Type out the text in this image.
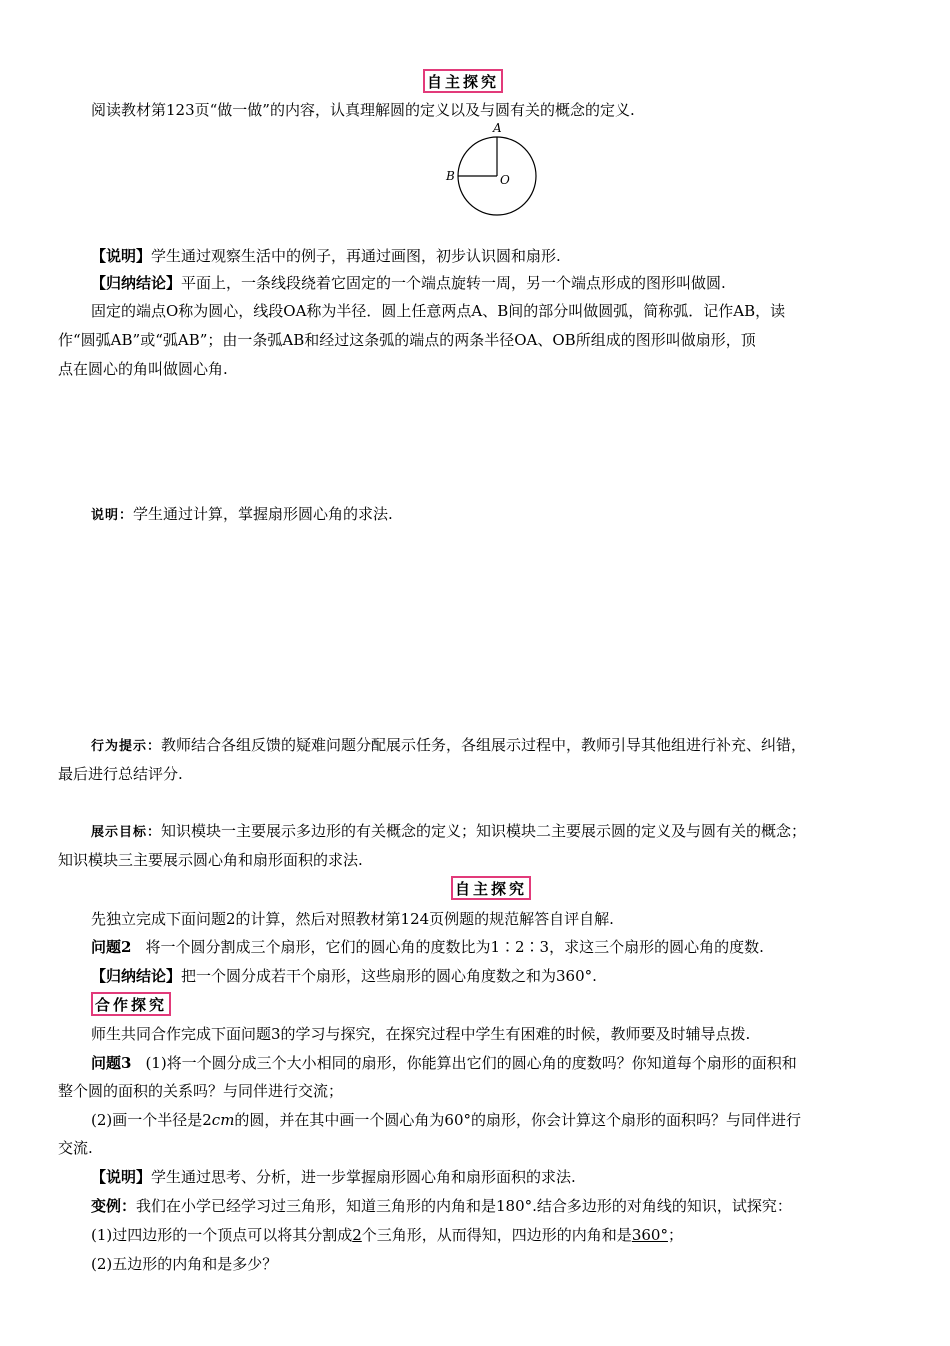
自主探究
阅读教材第123页“做一做”的内容，认真理解圆的定义以及与圆有关的概念的定义.
A
B	O
【说明】学生通过观察生活中的例子，再通过画图，初步认识圆和扇形.
【归纳结论】平面上，一条线段绕着它固定的一个端点旋转一周，另一个端点形成的图形叫做圆.
固定的端点O称为圆心，线段OA称为半径．圆上任意两点A、B间的部分叫做圆弧，简称弧．记作AB，读
作“圆弧AB”或“弧AB”；由一条弧AB和经过这条弧的端点的两条半径OA、OB所组成的图形叫做扇形，顶
点在圆心的角叫做圆心角.
说明：学生通过计算，掌握扇形圆心角的求法.
行为提示：教师结合各组反馈的疑难问题分配展示任务，各组展示过程中，教师引导其他组进行补充、纠错，
最后进行总结评分.
展示目标：知识模块一主要展示多边形的有关概念的定义；知识模块二主要展示圆的定义及与圆有关的概念；
知识模块三主要展示圆心角和扇形面积的求法.
自主探究
先独立完成下面问题2的计算，然后对照教材第124页例题的规范解答自评自解.
问题2 将一个圆分割成三个扇形，它们的圆心角的度数比为1∶2∶3，求这三个扇形的圆心角的度数.
【归纳结论】把一个圆分成若干个扇形，这些扇形的圆心角度数之和为360°.
合作探究
师生共同合作完成下面问题3的学习与探究，在探究过程中学生有困难的时候，教师要及时辅导点拨.
问题3 (1)将一个圆分成三个大小相同的扇形，你能算出它们的圆心角的度数吗？你知道每个扇形的面积和
整个圆的面积的关系吗？与同伴进行交流；
(2)画一个半径是2cm的圆，并在其中画一个圆心角为60°的扇形，你会计算这个扇形的面积吗？与同伴进行
交流.
【说明】学生通过思考、分析，进一步掌握扇形圆心角和扇形面积的求法.
变例：我们在小学已经学习过三角形，知道三角形的内角和是180°.结合多边形的对角线的知识，试探究：
(1)过四边形的一个顶点可以将其分割成2个三角形，从而得知，四边形的内角和是360°；
(2)五边形的内角和是多少？
